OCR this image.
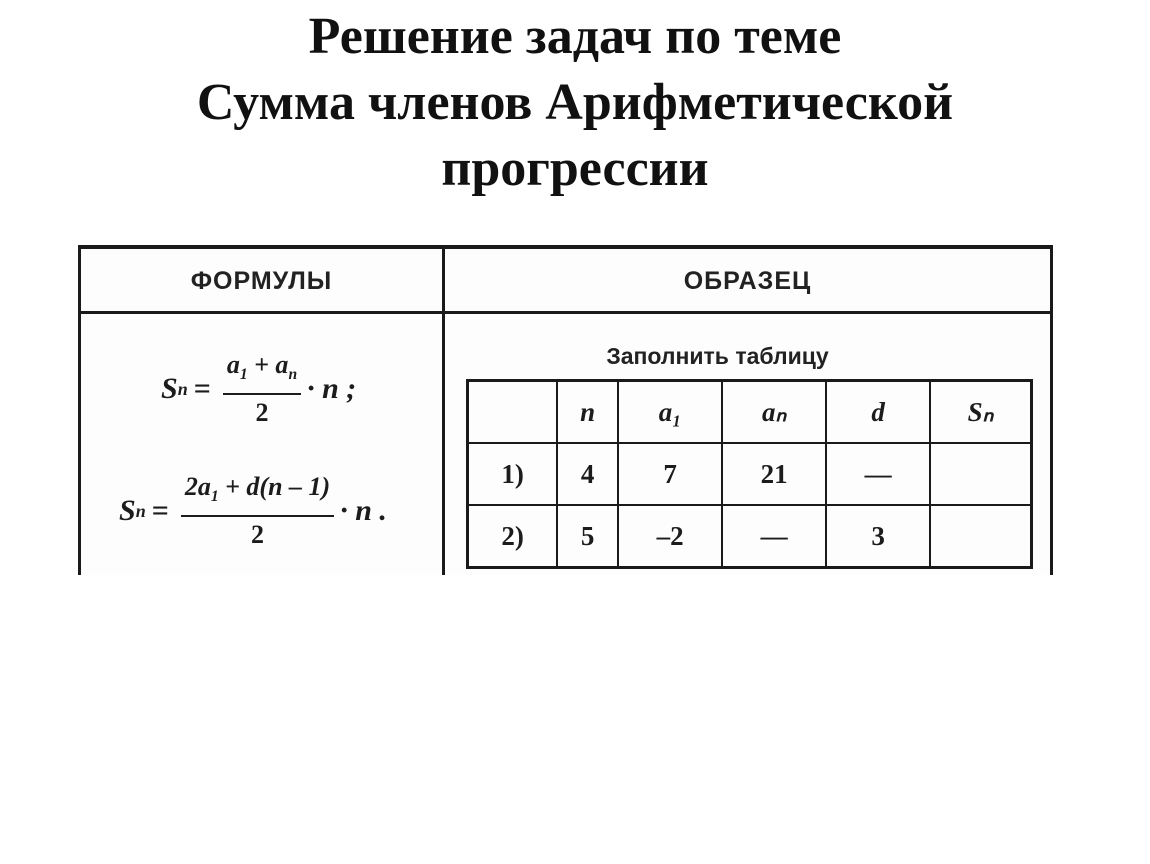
Решение задач по теме
Сумма членов Арифметической
прогрессии
ФОРМУЛЫ	ОБРАЗЕЦ
S $n = \frac{a_1 + a_n}{2} \cdot n$ ;
S $n = \frac{2a_1 + d(n - 1)}{2} \cdot n$ .
Заполнить таблицу
	n	a₁	aₙ	d	Sₙ
1)	4	7	21	—	
2)	5	–2	—	3	
